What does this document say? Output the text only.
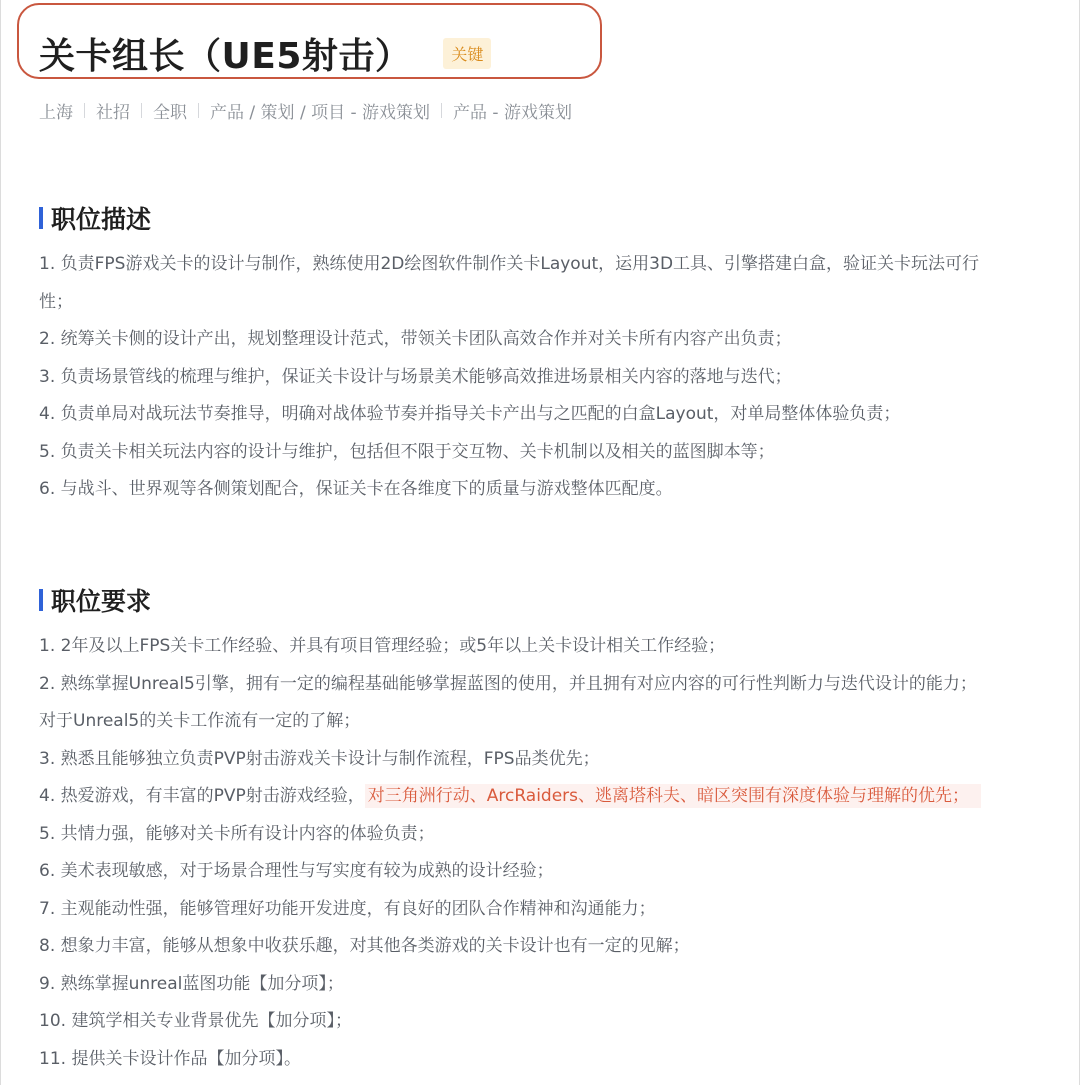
关卡组长（UE5射击）	关键
上海 社招 全职 产品 / 策划 / 项目 - 游戏策划 产品 - 游戏策划
职位描述
1. 负责FPS游戏关卡的设计与制作，熟练使用2D绘图软件制作关卡Layout，运用3D工具、引擎搭建白盒，验证关卡玩法可行
性；
2. 统筹关卡侧的设计产出，规划整理设计范式，带领关卡团队高效合作并对关卡所有内容产出负责；
3. 负责场景管线的梳理与维护，保证关卡设计与场景美术能够高效推进场景相关内容的落地与迭代；
4. 负责单局对战玩法节奏推导，明确对战体验节奏并指导关卡产出与之匹配的白盒Layout，对单局整体体验负责；
5. 负责关卡相关玩法内容的设计与维护，包括但不限于交互物、关卡机制以及相关的蓝图脚本等；
6. 与战斗、世界观等各侧策划配合，保证关卡在各维度下的质量与游戏整体匹配度。
职位要求
1. 2年及以上FPS关卡工作经验、并具有项目管理经验；或5年以上关卡设计相关工作经验；
2. 熟练掌握Unreal5引擎，拥有一定的编程基础能够掌握蓝图的使用，并且拥有对应内容的可行性判断力与迭代设计的能力；
对于Unreal5的关卡工作流有一定的了解；
3. 熟悉且能够独立负责PVP射击游戏关卡设计与制作流程，FPS品类优先；
4. 热爱游戏，有丰富的PVP射击游戏经验， 对三角洲行动、ArcRaiders、逃离塔科夫、暗区突围有深度体验与理解的优先；
5. 共情力强，能够对关卡所有设计内容的体验负责；
6. 美术表现敏感，对于场景合理性与写实度有较为成熟的设计经验；
7. 主观能动性强，能够管理好功能开发进度，有良好的团队合作精神和沟通能力；
8. 想象力丰富，能够从想象中收获乐趣，对其他各类游戏的关卡设计也有一定的见解；
9. 熟练掌握unreal蓝图功能【加分项】；
10. 建筑学相关专业背景优先【加分项】；
11. 提供关卡设计作品【加分项】。
